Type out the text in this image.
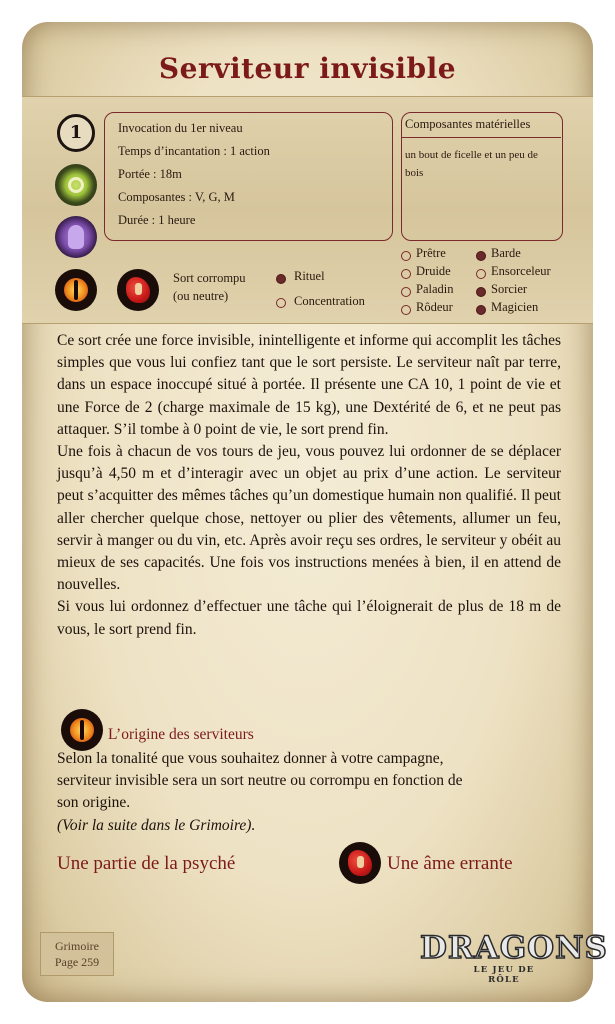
Serviteur invisible
1	Invocation du 1er niveau
Temps d’incantation : 1 action
Portée : 18m
Composantes : V, G, M
Durée : 1 heure
Composantes matérielles
un bout de ficelle et un peu de bois
Sort corrompu
(ou neutre)
Rituel
Concentration
Prêtre
Druide
Paladin
Rôdeur
Barde
Ensorceleur
Sorcier
Magicien

Ce sort crée une force invisible, inintelligente et informe qui accomplit les tâches simples que vous lui confiez tant que le sort persiste. Le serviteur naît par terre, dans un espace inoccupé situé à portée. Il présente une CA 10, 1 point de vie et une Force de 2 (charge maximale de 15 kg), une Dextérité de 6, et ne peut pas attaquer. S’il tombe à 0 point de vie, le sort prend fin.

Une fois à chacun de vos tours de jeu, vous pouvez lui ordonner de se déplacer jusqu’à 4,50 m et d’interagir avec un objet au prix d’une action. Le serviteur peut s’acquitter des mêmes tâches qu’un domestique humain non qualifié. Il peut aller chercher quelque chose, nettoyer ou plier des vêtements, allumer un feu, servir à manger ou du vin, etc. Après avoir reçu ses ordres, le serviteur y obéit au mieux de ses capacités. Une fois vos instructions menées à bien, il en attend de nouvelles.

Si vous lui ordonnez d’effectuer une tâche qui l’éloignerait de plus de 18 m de vous, le sort prend fin.

L’origine des serviteurs
Selon la tonalité que vous souhaitez donner à votre campagne, serviteur invisible sera un sort neutre ou corrompu en fonction de son origine.
(Voir la suite dans le Grimoire).
Une partie de la psyché	Une âme errante
Grimoire
Page 259	DRAGONS
LE JEU DE RÔLE
